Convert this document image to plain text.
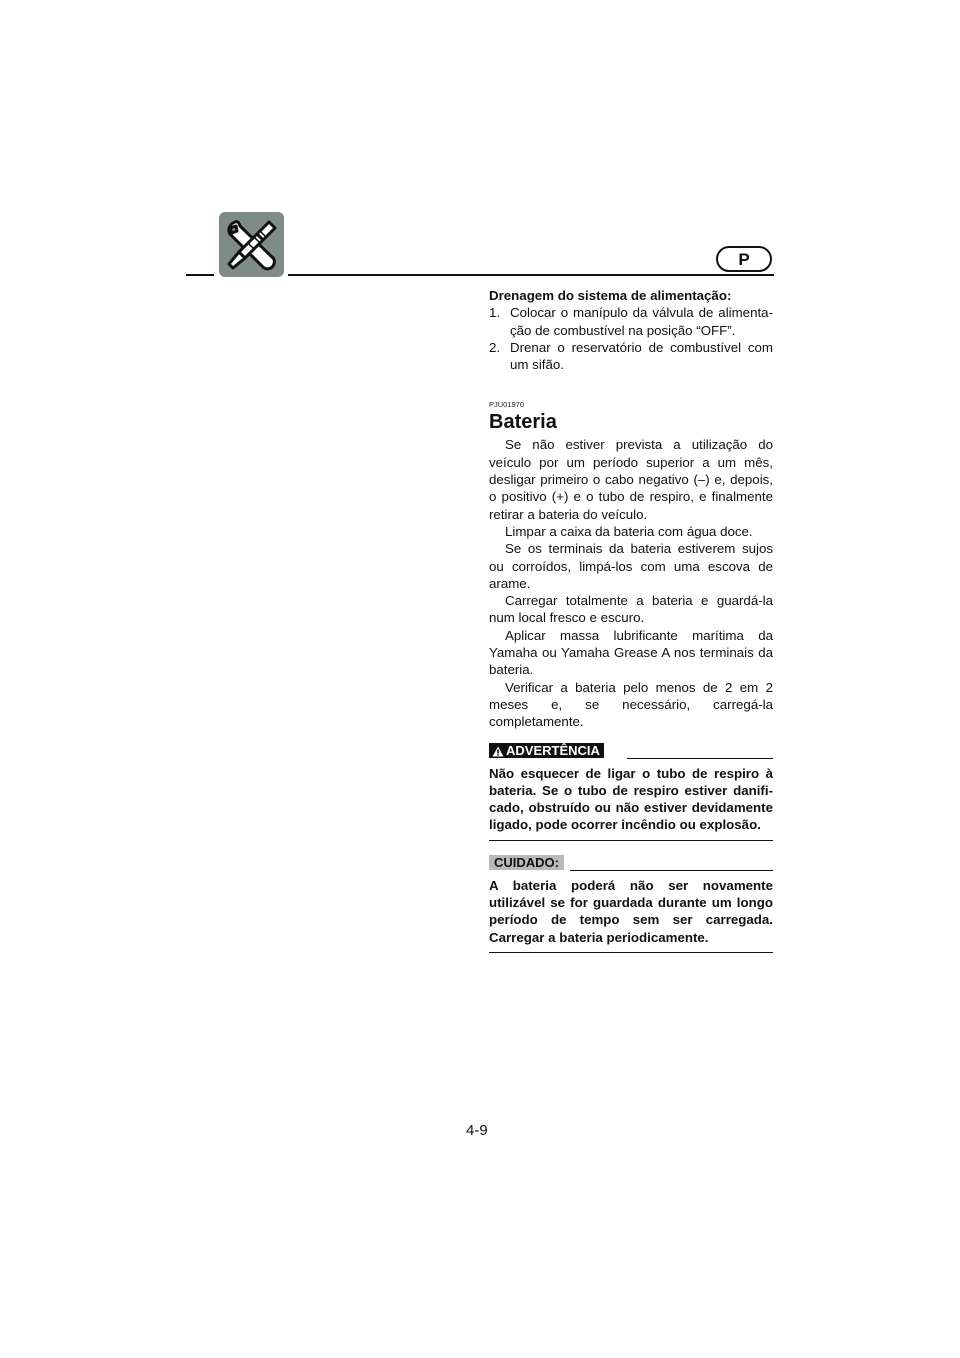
P

Drenagem do sistema de alimentação:

1. Colocar o manípulo da válvula de alimentação de combustível na posição “OFF”.
2. Drenar o reservatório de combustível com um sifão.
PJU01970
Bateria

Se não estiver prevista a utilização do veículo por um período superior a um mês, desligar primeiro o cabo negativo (–) e, depois, o positivo (+) e o tubo de respiro, e finalmente retirar a bateria do veículo.

Limpar a caixa da bateria com água doce.

Se os terminais da bateria estiverem sujos ou corroídos, limpá-los com uma escova de arame.

Carregar totalmente a bateria e guardá-la num local fresco e escuro.

Aplicar massa lubrificante marítima da Yamaha ou Yamaha Grease A nos terminais da bateria.

Verificar a bateria pelo menos de 2 em 2 meses e, se necessário, carregá-la completamente.

ADVERTÊNCIA

Não esquecer de ligar o tubo de respiro à bateria. Se o tubo de respiro estiver danificado, obstruído ou não estiver devidamente ligado, pode ocorrer incêndio ou explosão.

CUIDADO:

A bateria poderá não ser novamente utilizável se for guardada durante um longo período de tempo sem ser carregada. Carregar a bateria periodicamente.

4-9
